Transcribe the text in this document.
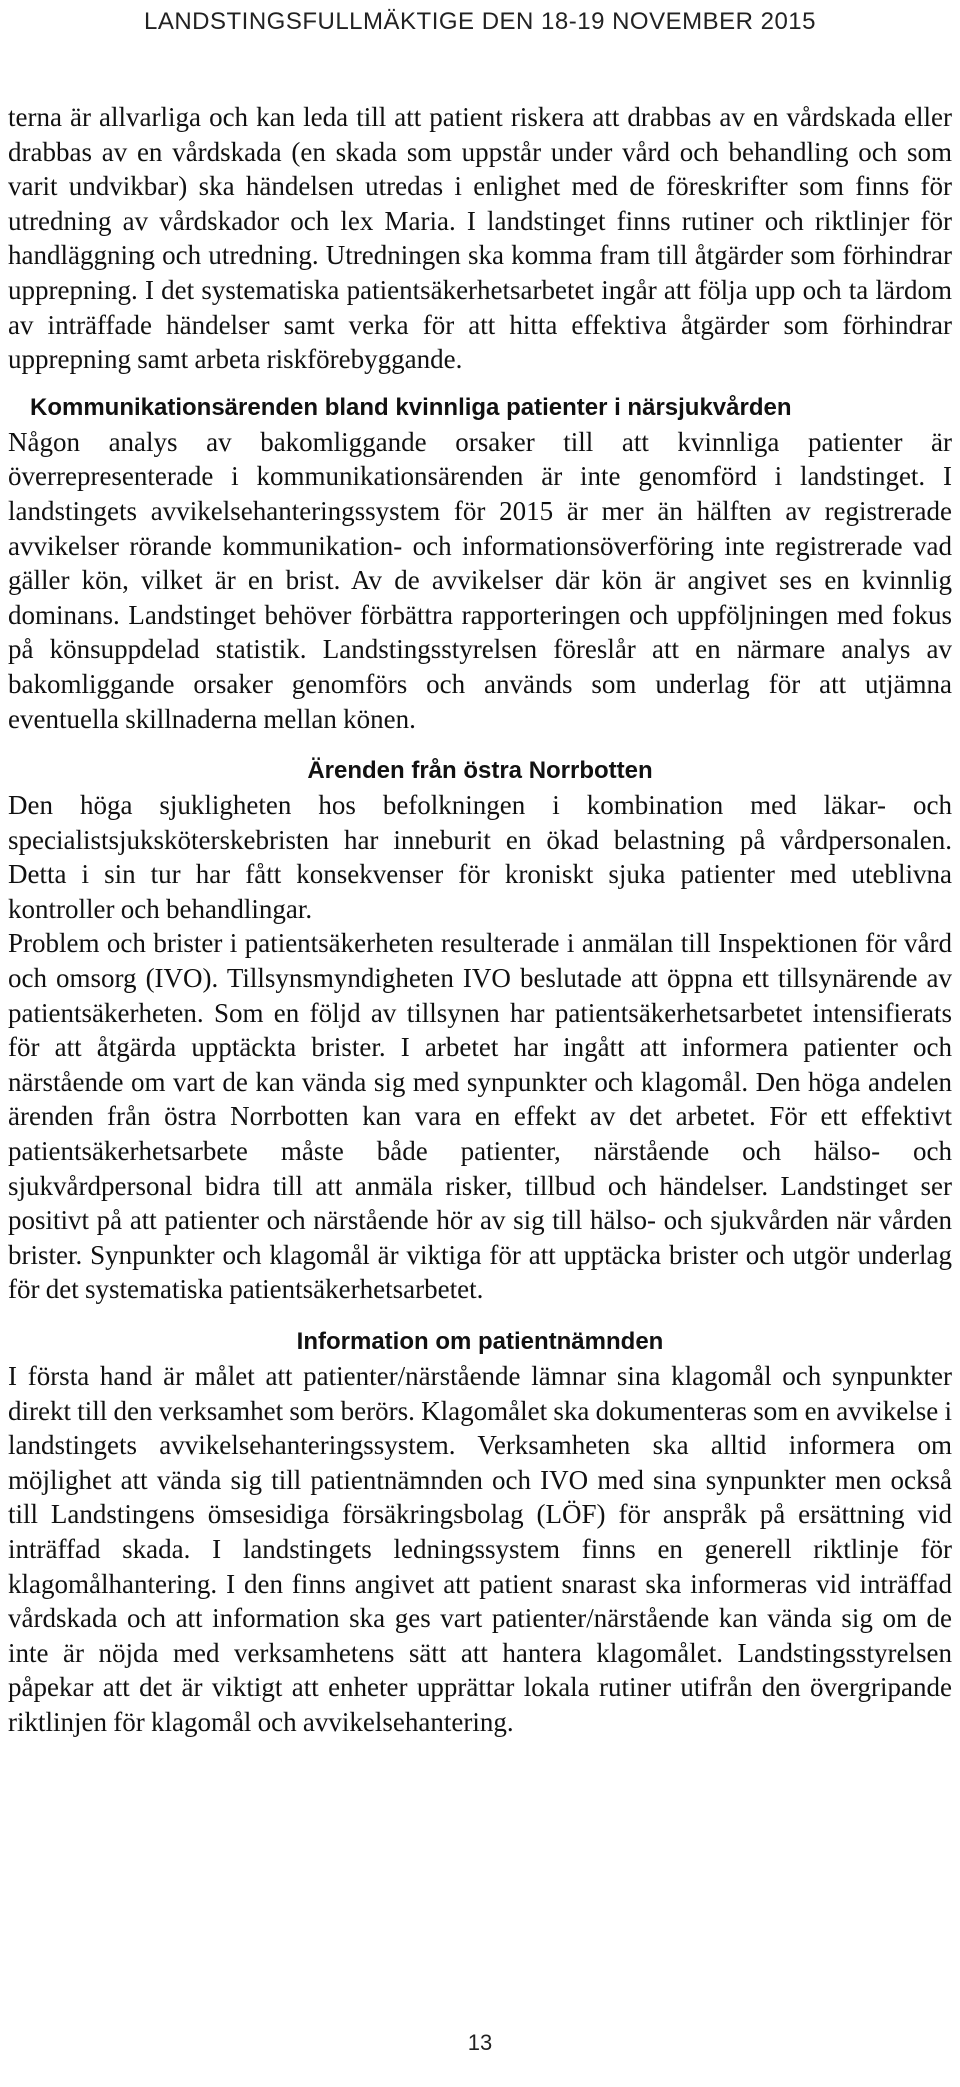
LANDSTINGSFULLMÄKTIGE DEN 18-19 NOVEMBER 2015

terna är allvarliga och kan leda till att patient riskera att drabbas av en vårdskada eller drabbas av en vårdskada (en skada som uppstår under vård och behandling och som varit undvikbar) ska händelsen utredas i enlighet med de föreskrifter som finns för utredning av vårdskador och lex Maria. I landstinget finns rutiner och riktlinjer för handläggning och utredning. Utredningen ska komma fram till åtgärder som förhindrar upprepning. I det systematiska patientsäkerhetsarbetet ingår att följa upp och ta lärdom av inträffade händelser samt verka för att hitta effektiva åtgärder som förhindrar upprepning samt arbeta riskförebyggande.

Kommunikationsärenden bland kvinnliga patienter i närsjukvården

Någon analys av bakomliggande orsaker till att kvinnliga patienter är överrepresenterade i kommunikationsärenden är inte genomförd i landstinget. I landstingets avvikelsehanteringssystem för 2015 är mer än hälften av registrerade avvikelser rörande kommunikation- och informationsöverföring inte registrerade vad gäller kön, vilket är en brist. Av de avvikelser där kön är angivet ses en kvinnlig dominans. Landstinget behöver förbättra rapporteringen och uppföljningen med fokus på könsuppdelad statistik. Landstingsstyrelsen föreslår att en närmare analys av bakomliggande orsaker genomförs och används som underlag för att utjämna eventuella skillnaderna mellan könen.

Ärenden från östra Norrbotten

Den höga sjukligheten hos befolkningen i kombination med läkar- och specialistsjuksköterskebristen har inneburit en ökad belastning på vårdpersonalen. Detta i sin tur har fått konsekvenser för kroniskt sjuka patienter med uteblivna kontroller och behandlingar.

Problem och brister i patientsäkerheten resulterade i anmälan till Inspektionen för vård och omsorg (IVO). Tillsynsmyndigheten IVO beslutade att öppna ett tillsynärende av patientsäkerheten. Som en följd av tillsynen har patientsäkerhetsarbetet intensifierats för att åtgärda upptäckta brister. I arbetet har ingått att informera patienter och närstående om vart de kan vända sig med synpunkter och klagomål. Den höga andelen ärenden från östra Norrbotten kan vara en effekt av det arbetet. För ett effektivt patientsäkerhetsarbete måste både patienter, närstående och hälso- och sjukvårdpersonal bidra till att anmäla risker, tillbud och händelser. Landstinget ser positivt på att patienter och närstående hör av sig till hälso- och sjukvården när vården brister. Synpunkter och klagomål är viktiga för att upptäcka brister och utgör underlag för det systematiska patientsäkerhetsarbetet.

Information om patientnämnden

I första hand är målet att patienter/närstående lämnar sina klagomål och synpunkter direkt till den verksamhet som berörs. Klagomålet ska dokumenteras som en avvikelse i landstingets avvikelsehanteringssystem. Verksamheten ska alltid informera om möjlighet att vända sig till patientnämnden och IVO med sina synpunkter men också till Landstingens ömsesidiga försäkringsbolag (LÖF) för anspråk på ersättning vid inträffad skada. I landstingets ledningssystem finns en generell riktlinje för klagomålhantering. I den finns angivet att patient snarast ska informeras vid inträffad vårdskada och att information ska ges vart patienter/närstående kan vända sig om de inte är nöjda med verksamhetens sätt att hantera klagomålet. Landstingsstyrelsen påpekar att det är viktigt att enheter upprättar lokala rutiner utifrån den övergripande riktlinjen för klagomål och avvikelsehantering.

13
